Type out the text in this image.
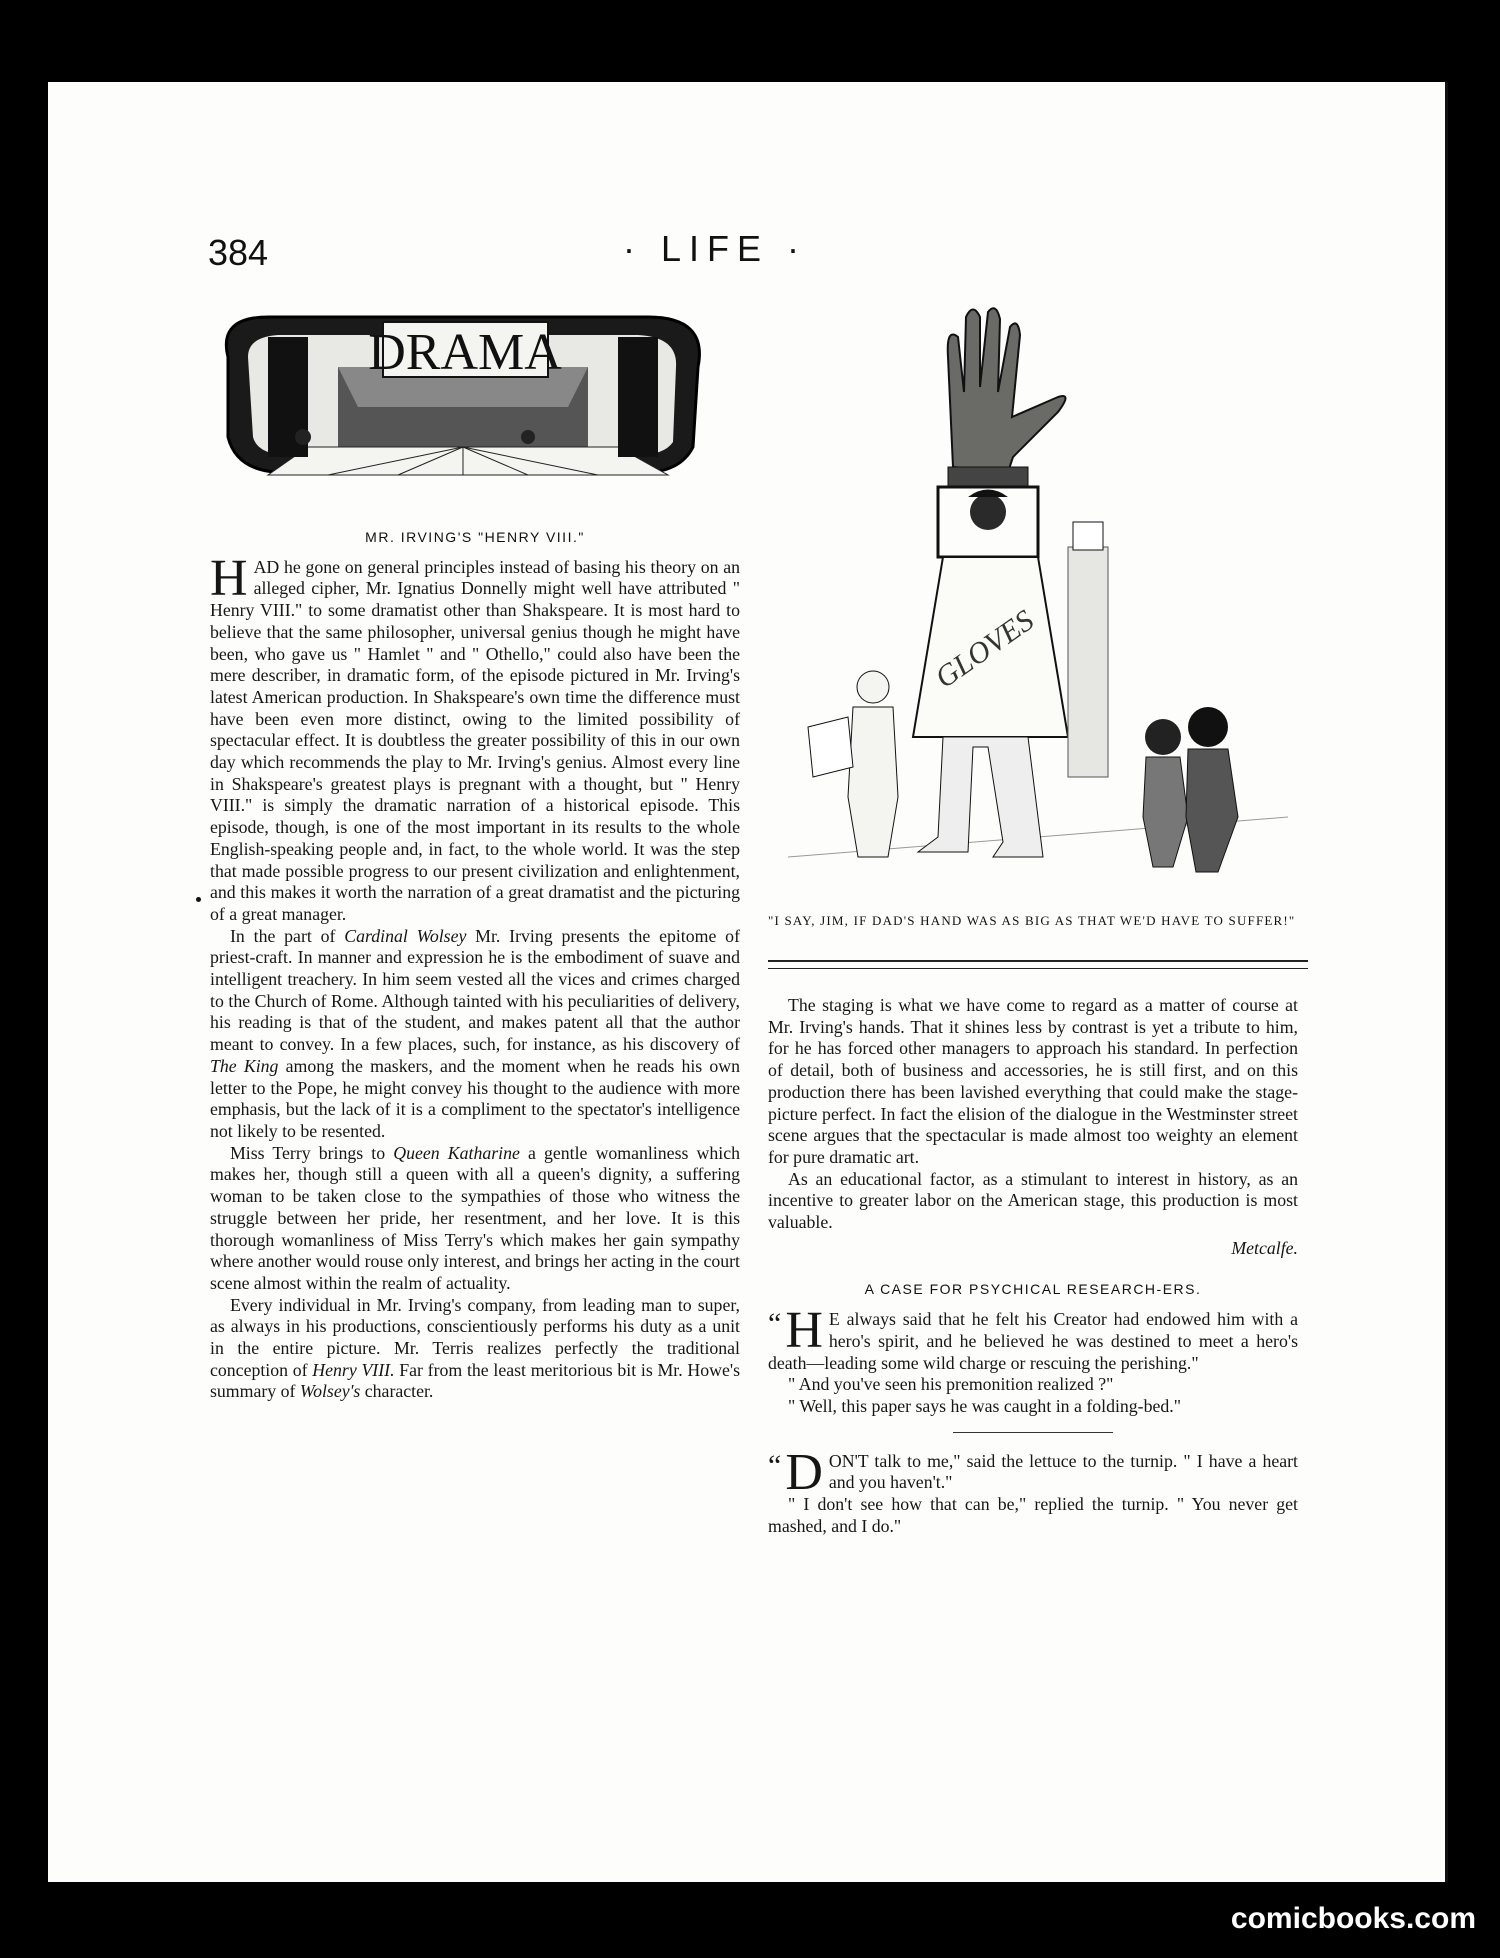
384	· LIFE ·
DRAMA
MR. IRVING'S "HENRY VIII."

HAD he gone on general principles instead of basing his theory on an alleged cipher, Mr. Ignatius Donnelly might well have attributed " Henry VIII." to some dramatist other than Shakspeare. It is most hard to believe that the same philosopher, universal genius though he might have been, who gave us " Hamlet " and " Othello," could also have been the mere describer, in dramatic form, of the episode pictured in Mr. Irving's latest American production. In Shakspeare's own time the difference must have been even more distinct, owing to the limited possibility of spectacular effect. It is doubtless the greater possibility of this in our own day which recommends the play to Mr. Irving's genius. Almost every line in Shakspeare's greatest plays is pregnant with a thought, but " Henry VIII." is simply the dramatic narration of a historical episode. This episode, though, is one of the most important in its results to the whole English-speaking people and, in fact, to the whole world. It was the step that made possible progress to our present civilization and enlightenment, and this makes it worth the narration of a great dramatist and the picturing of a great manager.

In the part of Cardinal Wolsey Mr. Irving presents the epitome of priest-craft. In manner and expression he is the embodiment of suave and intelligent treachery. In him seem vested all the vices and crimes charged to the Church of Rome. Although tainted with his peculiarities of delivery, his reading is that of the student, and makes patent all that the author meant to convey. In a few places, such, for instance, as his discovery of The King among the maskers, and the moment when he reads his own letter to the Pope, he might convey his thought to the audience with more emphasis, but the lack of it is a compliment to the spectator's intelligence not likely to be resented.

Miss Terry brings to Queen Katharine a gentle womanliness which makes her, though still a queen with all a queen's dignity, a suffering woman to be taken close to the sympathies of those who witness the struggle between her pride, her resentment, and her love. It is this thorough womanliness of Miss Terry's which makes her gain sympathy where another would rouse only interest, and brings her acting in the court scene almost within the realm of actuality.

Every individual in Mr. Irving's company, from leading man to super, as always in his productions, conscientiously performs his duty as a unit in the entire picture. Mr. Terris realizes perfectly the traditional conception of Henry VIII. Far from the least meritorious bit is Mr. Howe's summary of Wolsey's character.

GLOVES
"I SAY, JIM, IF DAD'S HAND WAS AS BIG AS THAT WE'D HAVE TO SUFFER!"

The staging is what we have come to regard as a matter of course at Mr. Irving's hands. That it shines less by contrast is yet a tribute to him, for he has forced other managers to approach his standard. In perfection of detail, both of business and accessories, he is still first, and on this production there has been lavished everything that could make the stage-picture perfect. In fact the elision of the dialogue in the Westminster street scene argues that the spectacular is made almost too weighty an element for pure dramatic art.

As an educational factor, as a stimulant to interest in history, as an incentive to greater labor on the American stage, this production is most valuable.

Metcalfe.

A CASE FOR PSYCHICAL RESEARCH-ERS.

“ H E always said that he felt his Creator had endowed him with a hero's spirit, and he believed he was destined to meet a hero's death—leading some wild charge or rescuing the perishing."

" And you've seen his premonition realized ?"

" Well, this paper says he was caught in a folding-bed."

“ D ON'T talk to me," said the lettuce to the turnip. " I have a heart and you haven't."

" I don't see how that can be," replied the turnip. " You never get mashed, and I do."

comicbooks.com
